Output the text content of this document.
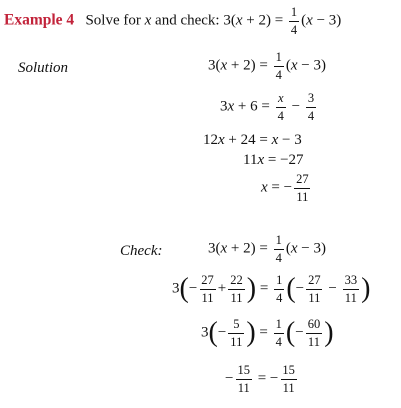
Example 4 Solve for x and check: $3(x + 2) = \frac{1}{4} (x - 3)$
Solution	$3(x + 2) = \frac{1}{4} (x - 3)$
$3x + 6 = \frac{x}{4} - \frac{3}{4}$
12x + 24 = x − 3
11x = −27
x = − $\frac{27}{11}$
Check:	$3(x + 2) = \frac{1}{4} (x - 3)$
$3(- \frac{27}{11} + \frac{22}{11}$ ) = $\frac{1}{4}$ (− $\frac{27}{11} - \frac{33}{11}$ )
$3(- \frac{5}{11}$ ) = $\frac{1}{4}$ (− $\frac{60}{11}$ )
− $\frac{15}{11}$ = − $\frac{15}{11}$
